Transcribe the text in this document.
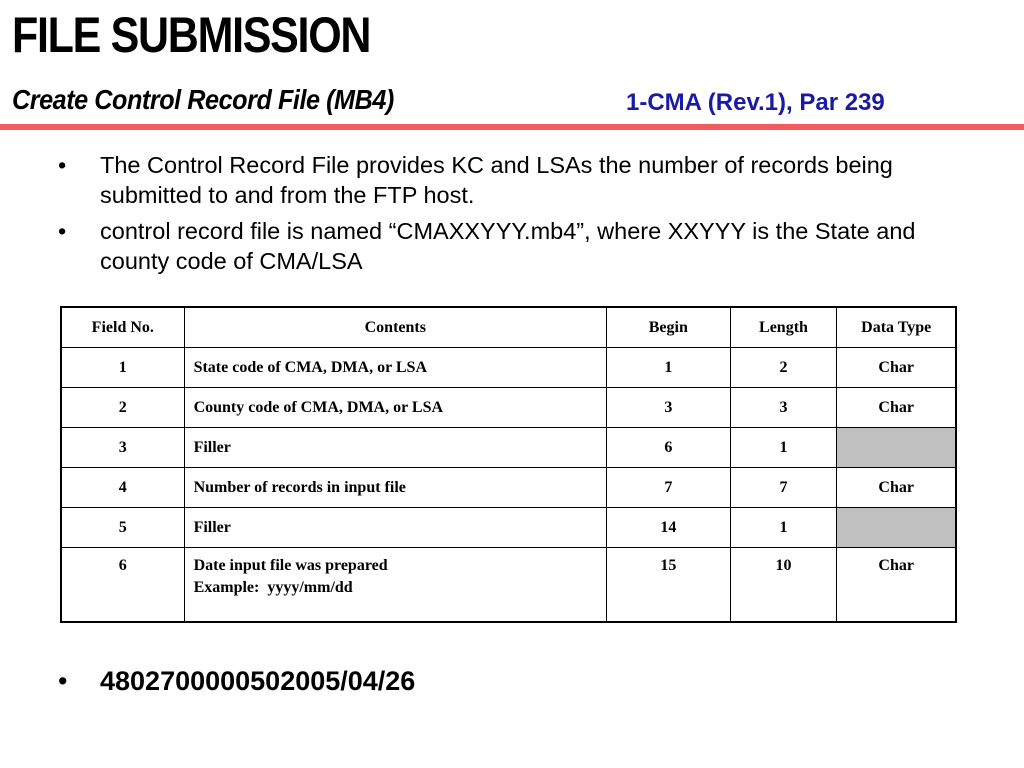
FILE SUBMISSION
Create Control Record File (MB4)	1-CMA (Rev.1), Par 239
• The Control Record File provides KC and LSAs the number of records being submitted to and from the FTP host.
• control record file is named “CMAXXYYY.mb4”, where XXYYY is the State and county code of CMA/LSA
Field No.	Contents	Begin	Length	Data Type
1	State code of CMA, DMA, or LSA	1	2	Char
2	County code of CMA, DMA, or LSA	3	3	Char
3	Filler	6	1	
4	Number of records in input file	7	7	Char
5	Filler	14	1	
6	Date input file was prepared
Example:  yyyy/mm/dd	15	10	Char
• 4802700000502005/04/26
